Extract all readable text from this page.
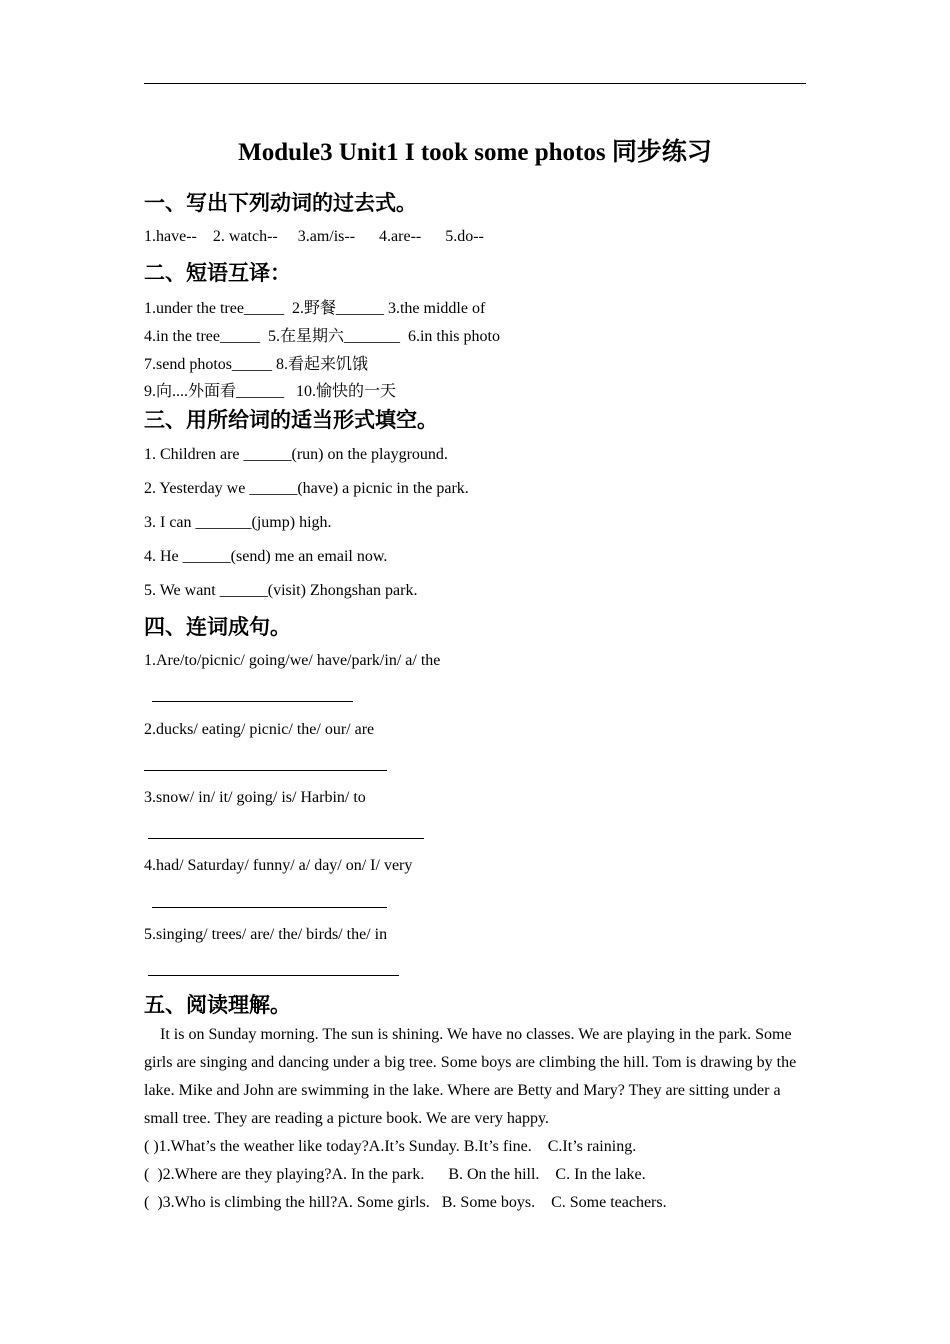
Module3 Unit1 I took some photos 同步练习
一、写出下列动词的过去式。
1.have--    2. watch--     3.am/is--      4.are--      5.do--
二、短语互译：
1.under the tree_____  2.野餐______ 3.the middle of
4.in the tree_____  5.在星期六_______  6.in this photo
7.send photos_____ 8.看起来饥饿
9.向....外面看______   10.愉快的一天
三、用所给词的适当形式填空。
1. Children are ______(run) on the playground.
2. Yesterday we ______(have) a picnic in the park.
3. I can _______(jump) high.
4. He ______(send) me an email now.
5. We want ______(visit) Zhongshan park.
四、连词成句。
1.Are/to/picnic/ going/we/ have/park/in/ a/ the
2.ducks/ eating/ picnic/ the/ our/ are
3.snow/ in/ it/ going/ is/ Harbin/ to
4.had/ Saturday/ funny/ a/ day/ on/ I/ very
5.singing/ trees/ are/ the/ birds/ the/ in
五、阅读理解。
It is on Sunday morning. The sun is shining. We have no classes. We are playing in the park. Some girls are singing and dancing under a big tree. Some boys are climbing the hill. Tom is drawing by the lake. Mike and John are swimming in the lake. Where are Betty and Mary? They are sitting under a small tree. They are reading a picture book. We are very happy.
( )1.What’s the weather like today?A.It’s Sunday. B.It’s fine.    C.It’s raining.
(  )2.Where are they playing?A. In the park.      B. On the hill.    C. In the lake.
(  )3.Who is climbing the hill?A. Some girls.   B. Some boys.    C. Some teachers.
